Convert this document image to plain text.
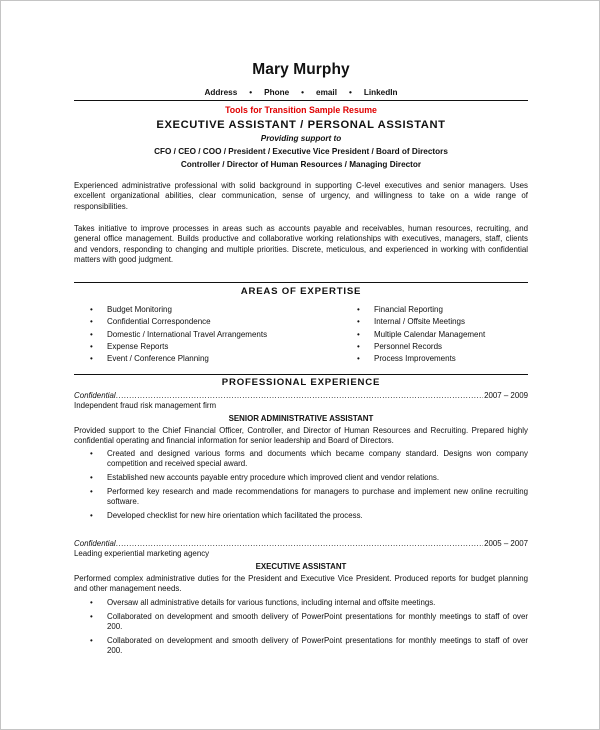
Mary Murphy
Address • Phone • email • LinkedIn
Tools for Transition Sample Resume
EXECUTIVE ASSISTANT / PERSONAL ASSISTANT
Providing support to
CFO / CEO / COO / President / Executive Vice President / Board of Directors
Controller / Director of Human Resources / Managing Director
Experienced administrative professional with solid background in supporting C-level executives and senior managers. Uses excellent organizational abilities, clear communication, sense of urgency, and willingness to take on a wide range of responsibilities.
Takes initiative to improve processes in areas such as accounts payable and receivables, human resources, recruiting, and general office management. Builds productive and collaborative working relationships with executives, managers, staff, clients and vendors, responding to changing and multiple priorities. Discrete, meticulous, and experienced in working with confidential matters with good judgment.
AREAS OF EXPERTISE
• Budget Monitoring
• Confidential Correspondence
• Domestic / International Travel Arrangements
• Expense Reports
• Event / Conference Planning
• Financial Reporting
• Internal / Offsite Meetings
• Multiple Calendar Management
• Personnel Records
• Process Improvements
PROFESSIONAL EXPERIENCE
Confidential .....	2007 – 2009
Independent fraud risk management firm
SENIOR ADMINISTRATIVE ASSISTANT
Provided support to the Chief Financial Officer, Controller, and Director of Human Resources and Recruiting. Prepared highly confidential operating and financial information for senior leadership and Board of Directors.
• Created and designed various forms and documents which became company standard. Designs won company competition and received special award.
• Established new accounts payable entry procedure which improved client and vendor relations.
• Performed key research and made recommendations for managers to purchase and implement new online recruiting software.
• Developed checklist for new hire orientation which facilitated the process.
Confidential .....	2005 – 2007
Leading experiential marketing agency
EXECUTIVE ASSISTANT
Performed complex administrative duties for the President and Executive Vice President. Produced reports for budget planning and other management needs.
• Oversaw all administrative details for various functions, including internal and offsite meetings.
• Collaborated on development and smooth delivery of PowerPoint presentations for monthly meetings to staff of over 200.
• Collaborated on development and smooth delivery of PowerPoint presentations for monthly meetings to staff of over 200.
